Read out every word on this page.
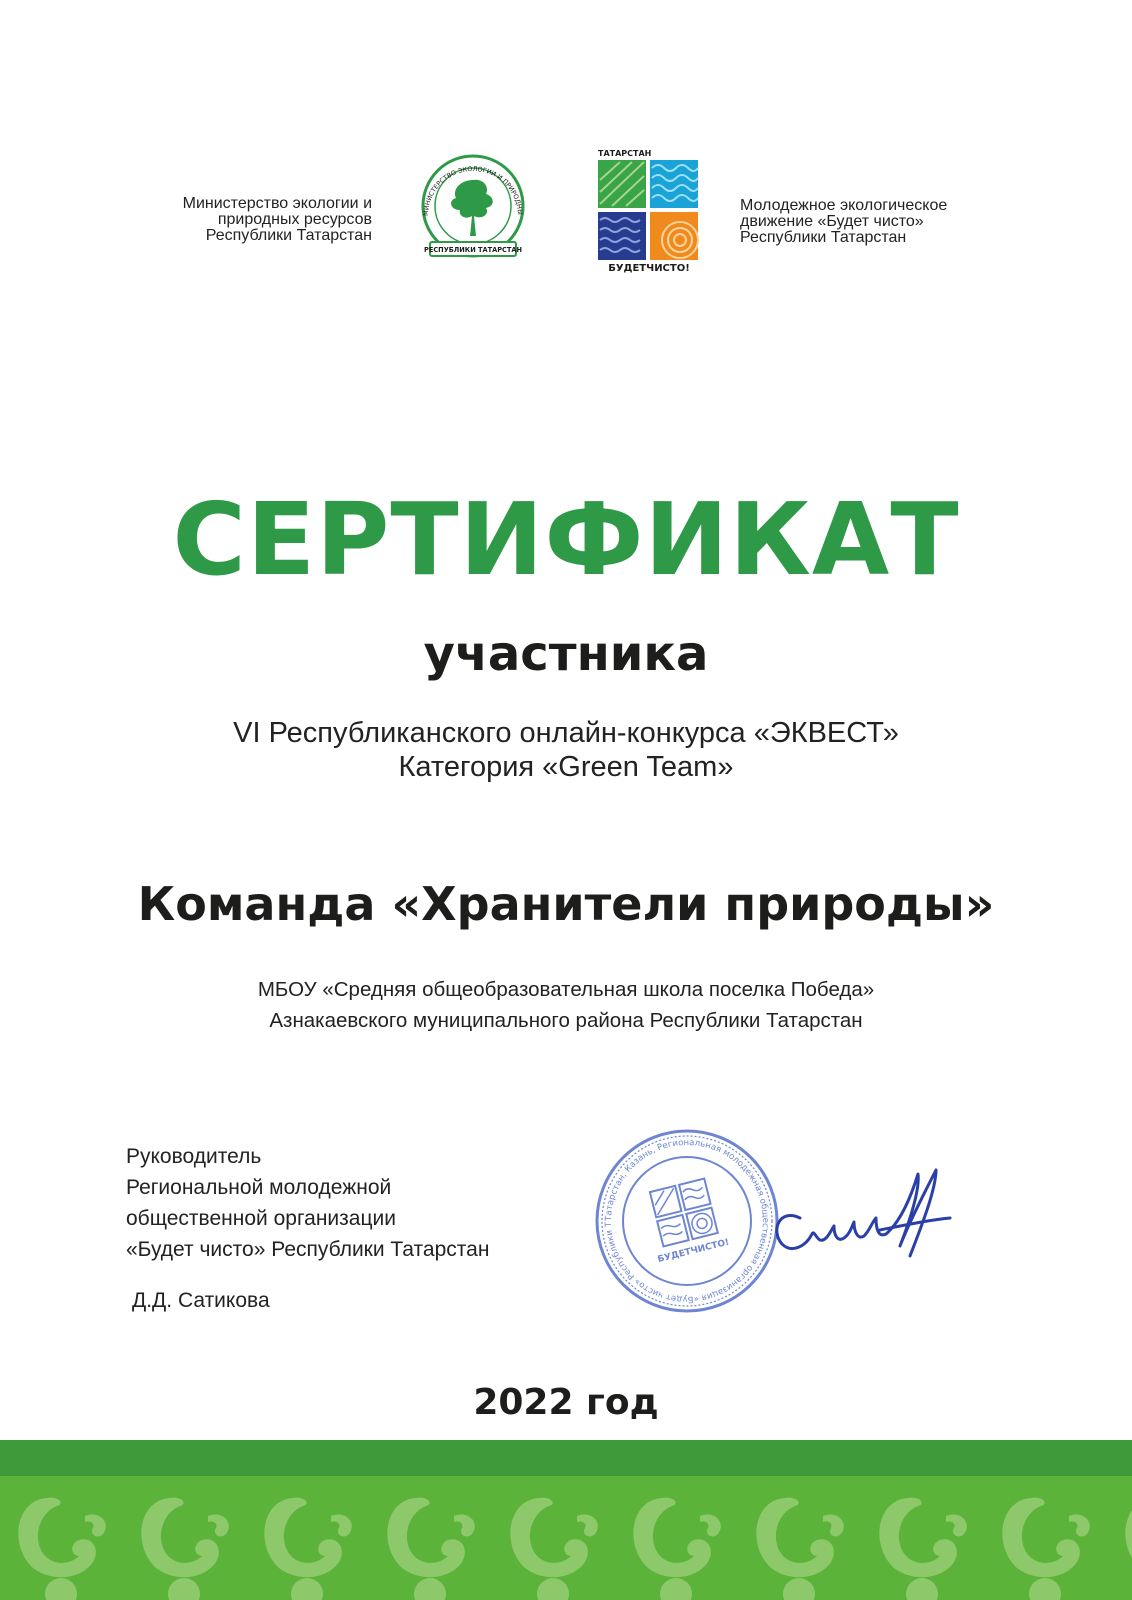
Министерство экологии и
природных ресурсов
Республики Татарстан
МИНИСТЕРСТВО ЭКОЛОГИИ И ПРИРОДНЫ
РЕСПУБЛИКИ ТАТАРСТАН
ТАТАРСТАН
БУДЕТЧИСТО!
Молодежное экологическое
движение «Будет чисто»
Республики Татарстан
СЕРТИФИКАТ
участника
VI Республиканского онлайн-конкурса «ЭКВЕСТ»
Категория «Green Team»
Команда «Хранители природы»
МБОУ «Средняя общеобразовательная школа поселка Победа»
Азнакаевского муниципального района Республики Татарстан
Руководитель
Региональной молодежной
общественной организации
«Будет чисто» Республики Татарстан
Д.Д. Сатикова
Татарстан, Казань, Региональная молодежная общественная организация «Будет чисто» Республики Т
БУДЕТЧИСТО!
2022 год
